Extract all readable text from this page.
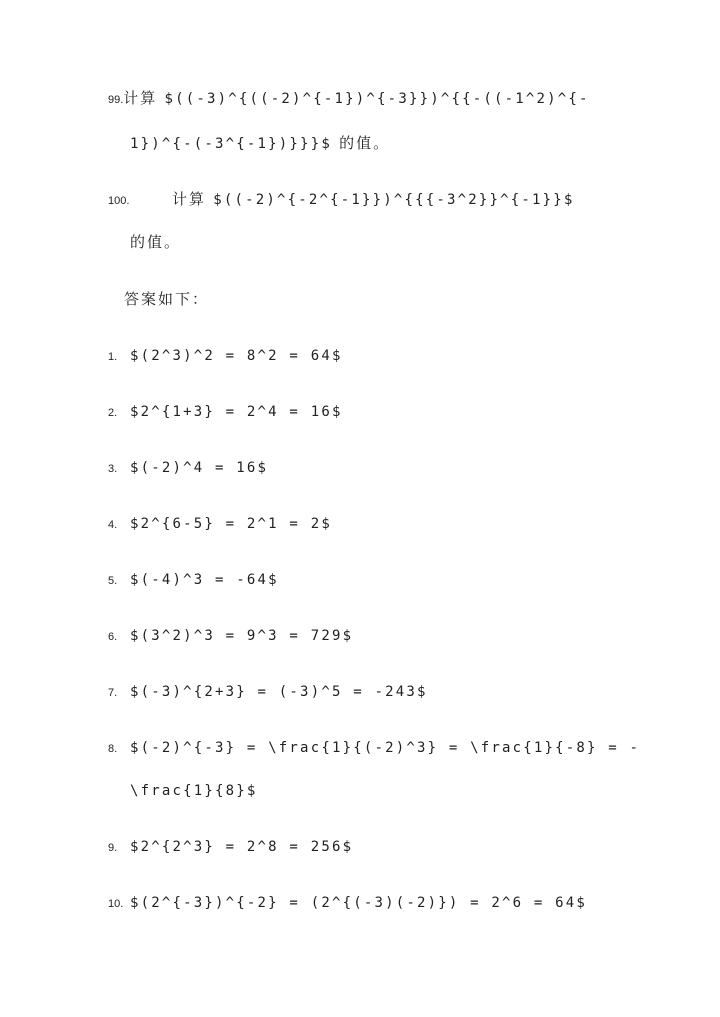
99.计算 $((-3)^{((-2)^{-1})^{-3}})^{{-((-1^2)^{-
1})^{-(-3^{-1})}}}$ 的值。
100.	计算 $((-2)^{-2^{-1}})^{{{-3^2}}^{-1}}$
的值。
答案如下：
1. $(2^3)^2 = 8^2 = 64$
2. $2^{1+3} = 2^4 = 16$
3. $(-2)^4 = 16$
4. $2^{6-5} = 2^1 = 2$
5. $(-4)^3 = -64$
6. $(3^2)^3 = 9^3 = 729$
7. $(-3)^{2+3} = (-3)^5 = -243$
8. $(-2)^{-3} = \frac{1}{(-2)^3} = \frac{1}{-8} = -
\frac{1}{8}$
9. $2^{2^3} = 2^8 = 256$
10. $(2^{-3})^{-2} = (2^{(-3)(-2)}) = 2^6 = 64$
